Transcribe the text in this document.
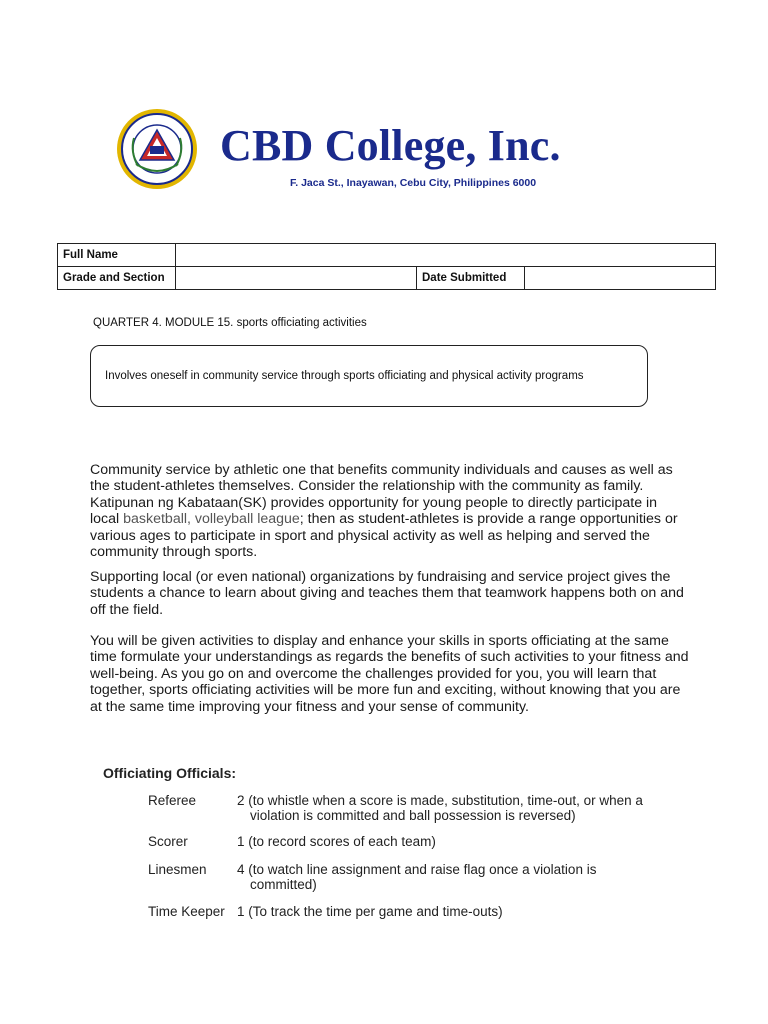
CBD College, Inc.
F. Jaca St., Inayawan, Cebu City, Philippines 6000
Full Name			
Grade and Section		Date Submitted	
QUARTER 4. MODULE 15. sports officiating activities
Involves oneself in community service through sports officiating and physical activity programs
Community service by athletic one that benefits community individuals and causes as well as the student-athletes themselves. Consider the relationship with the community as family. Katipunan ng Kabataan(SK) provides opportunity for young people to directly participate in local basketball, volleyball league; then as student-athletes is provide a range opportunities or various ages to participate in sport and physical activity as well as helping and served the community through sports.
Supporting local (or even national) organizations by fundraising and service project gives the students a chance to learn about giving and teaches them that teamwork happens both on and off the field.
You will be given activities to display and enhance your skills in sports officiating at the same time formulate your understandings as regards the benefits of such activities to your fitness and well-being. As you go on and overcome the challenges provided for you, you will learn that together, sports officiating activities will be more fun and exciting, without knowing that you are at the same time improving your fitness and your sense of community.
Officiating Officials:
Referee	2 (to whistle when a score is made, substitution, time-out, or when a
violation is committed and ball possession is reversed)
Scorer	1 (to record scores of each team)
Linesmen 4 (to watch line assignment and raise flag once a violation is
committed)
Time Keeper 1 (To track the time per game and time-outs)
